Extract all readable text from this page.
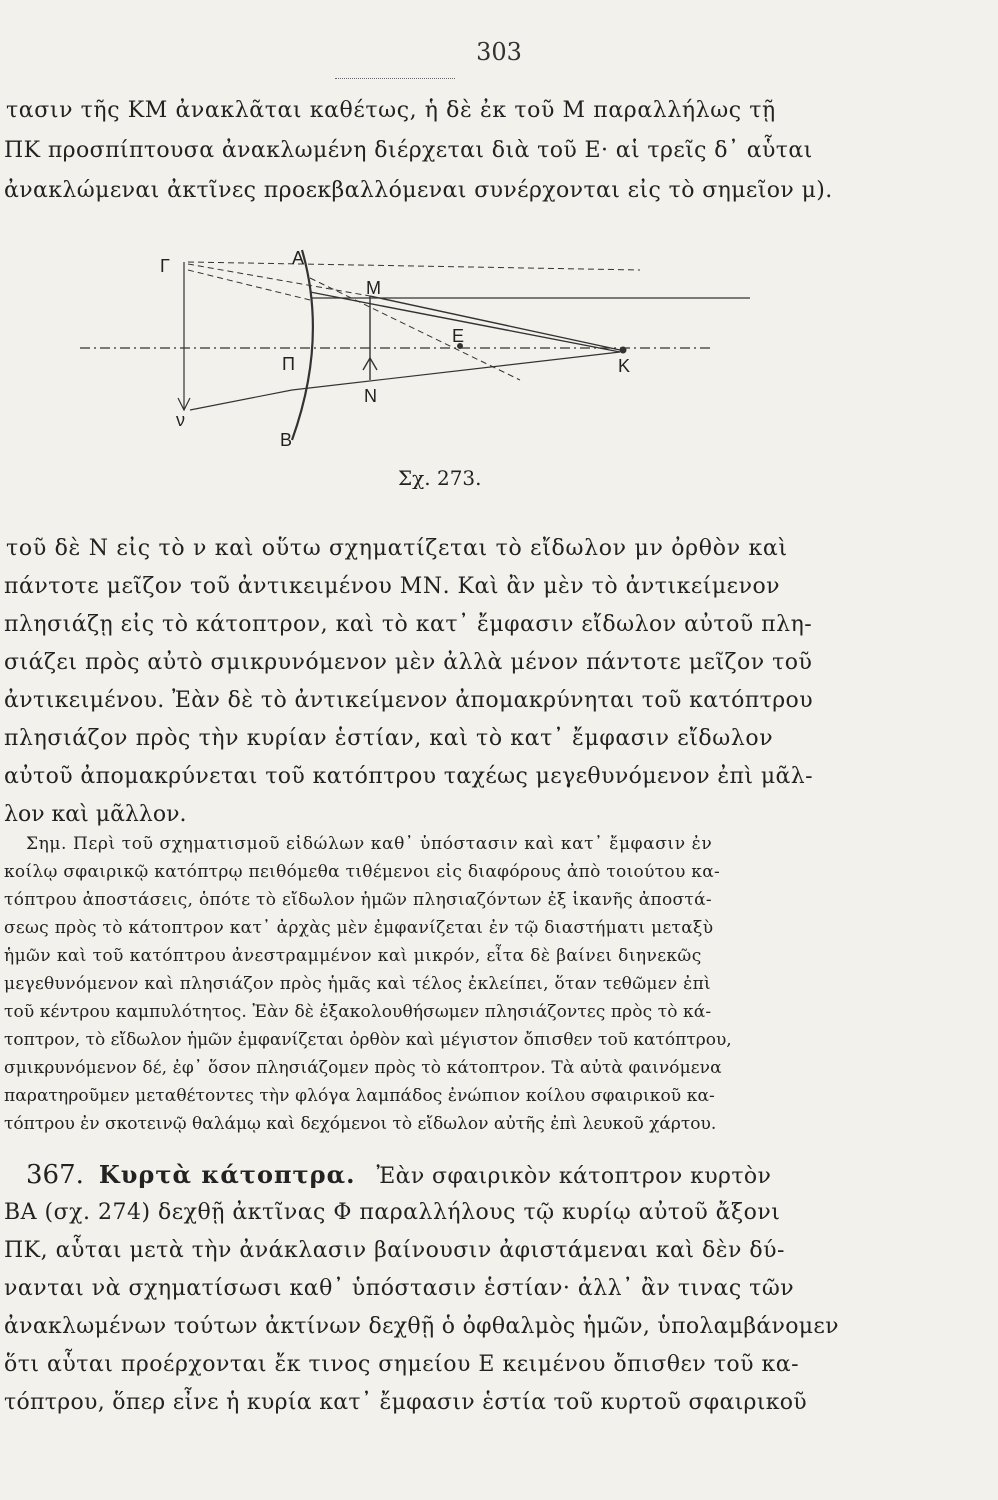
303
τασιν τῆς ΚΜ ἀνακλᾶται καθέτως, ἡ δὲ ἐκ τοῦ Μ παραλλήλως τῇ
ΠΚ προσπίπτουσα ἀνακλωμένη διέρχεται διὰ τοῦ Ε· αἱ τρεῖς δ᾿ αὗται
ἀνακλώμεναι ἀκτῖνες προεκβαλλόμεναι συνέρχονται εἰς τὸ σημεῖον μ).
Γ	Α
Μ
Ε
Π	Κ
Ν
ν
Β
Σχ. 273.
τοῦ δὲ Ν εἰς τὸ ν καὶ οὕτω σχηματίζεται τὸ εἴδωλον μν ὀρθὸν καὶ
πάντοτε μεῖζον τοῦ ἀντικειμένου ΜΝ. Καὶ ἂν μὲν τὸ ἀντικείμενον
πλησιάζῃ εἰς τὸ κάτοπτρον, καὶ τὸ κατ᾿ ἔμφασιν εἴδωλον αὐτοῦ πλη-
σιάζει πρὸς αὐτὸ σμικρυνόμενον μὲν ἀλλὰ μένον πάντοτε μεῖζον τοῦ
ἀντικειμένου. Ἐὰν δὲ τὸ ἀντικείμενον ἀπομακρύνηται τοῦ κατόπτρου
πλησιάζον πρὸς τὴν κυρίαν ἑστίαν, καὶ τὸ κατ᾿ ἔμφασιν εἴδωλον
αὐτοῦ ἀπομακρύνεται τοῦ κατόπτρου ταχέως μεγεθυνόμενον ἐπὶ μᾶλ-
λον καὶ μᾶλλον.
Σημ. Περὶ τοῦ σχηματισμοῦ εἰδώλων καθ᾿ ὑπόστασιν καὶ κατ᾿ ἔμφασιν ἐν
κοίλῳ σφαιρικῷ κατόπτρῳ πειθόμεθα τιθέμενοι εἰς διαφόρους ἀπὸ τοιούτου κα-
τόπτρου ἀποστάσεις, ὁπότε τὸ εἴδωλον ἡμῶν πλησιαζόντων ἐξ ἱκανῆς ἀποστά-
σεως πρὸς τὸ κάτοπτρον κατ᾿ ἀρχὰς μὲν ἐμφανίζεται ἐν τῷ διαστήματι μεταξὺ
ἡμῶν καὶ τοῦ κατόπτρου ἀνεστραμμένον καὶ μικρόν, εἶτα δὲ βαίνει διηνεκῶς
μεγεθυνόμενον καὶ πλησιάζον πρὸς ἡμᾶς καὶ τέλος ἐκλείπει, ὅταν τεθῶμεν ἐπὶ
τοῦ κέντρου καμπυλότητος. Ἐὰν δὲ ἐξακολουθήσωμεν πλησιάζοντες πρὸς τὸ κά-
τοπτρον, τὸ εἴδωλον ἡμῶν ἐμφανίζεται ὀρθὸν καὶ μέγιστον ὄπισθεν τοῦ κατόπτρου,
σμικρυνόμενον δέ, ἐφ᾿ ὅσον πλησιάζομεν πρὸς τὸ κάτοπτρον. Τὰ αὐτὰ φαινόμενα
παρατηροῦμεν μεταθέτοντες τὴν φλόγα λαμπάδος ἐνώπιον κοίλου σφαιρικοῦ κα-
τόπτρου ἐν σκοτεινῷ θαλάμῳ καὶ δεχόμενοι τὸ εἴδωλον αὐτῆς ἐπὶ λευκοῦ χάρτου.
367. Κυρτὰ κάτοπτρα. Ἐὰν σφαιρικὸν κάτοπτρον κυρτὸν
ΒΑ (σχ. 274) δεχθῇ ἀκτῖνας Φ παραλλήλους τῷ κυρίῳ αὐτοῦ ἄξονι
ΠΚ, αὗται μετὰ τὴν ἀνάκλασιν βαίνουσιν ἀφιστάμεναι καὶ δὲν δύ-
νανται νὰ σχηματίσωσι καθ᾿ ὑπόστασιν ἑστίαν· ἀλλ᾿ ἂν τινας τῶν
ἀνακλωμένων τούτων ἀκτίνων δεχθῇ ὁ ὀφθαλμὸς ἡμῶν, ὑπολαμβάνομεν
ὅτι αὗται προέρχονται ἔκ τινος σημείου Ε κειμένου ὄπισθεν τοῦ κα-
τόπτρου, ὅπερ εἶνε ἡ κυρία κατ᾿ ἔμφασιν ἑστία τοῦ κυρτοῦ σφαιρικοῦ
